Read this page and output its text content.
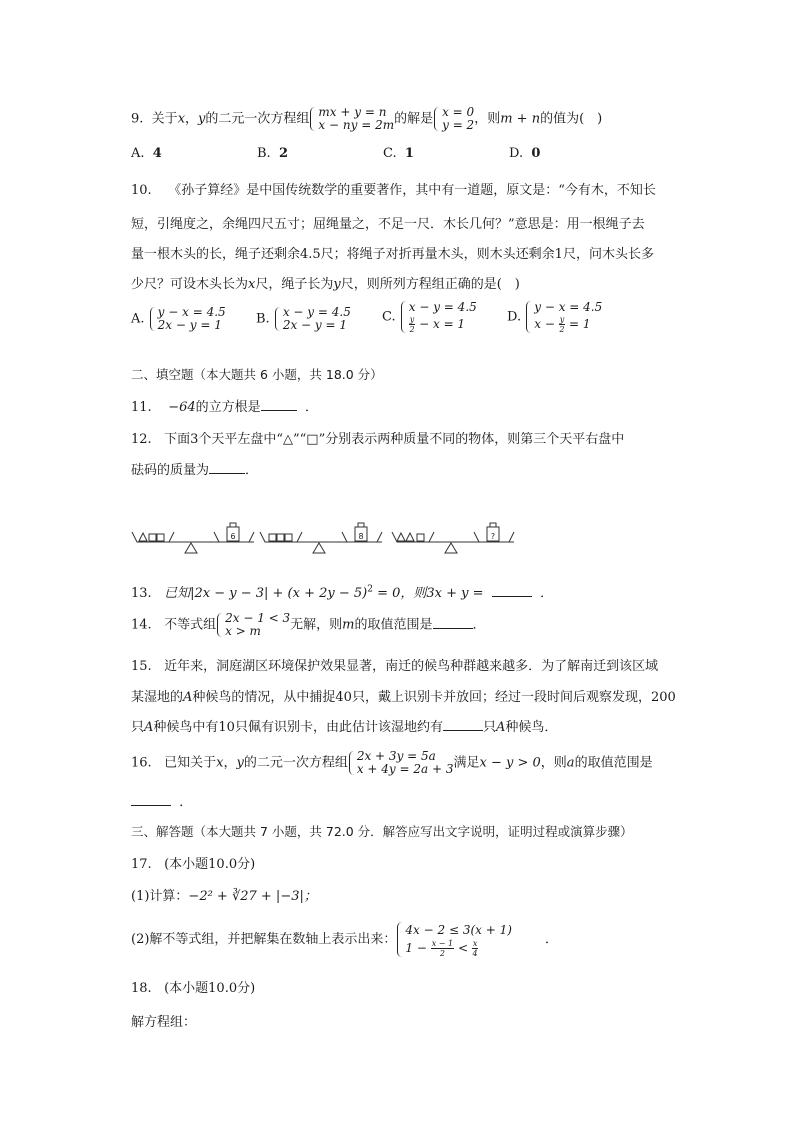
9. 关于x，y的二元一次方程组 mx + y = n
x − ny = 2m 的解是 x = 0
y = 2 ，则m + n的值为(　)
A. 4	B. 2	C. 1	D. 0
10. 《孙子算经》是中国传统数学的重要著作，其中有一道题，原文是：“今有木，不知长
短，引绳度之，余绳四尺五寸；屈绳量之，不足一尺．木长几何？”意思是：用一根绳子去
量一根木头的长，绳子还剩余4.5尺；将绳子对折再量木头，则木头还剩余1尺，问木头长多
少尺？可设木头长为x尺，绳子长为y尺，则所列方程组正确的是(　)
A. y − x = 4.5
2x − y = 1	B. x − y = 4.5
2x − y = 1
C.
x − y = 4.5
$\frac{y}{2} - x = 1$	D.
y − x = 4.5
$x - \frac{y}{2} = 1$
二、填空题（本大题共 6 小题，共 18.0 分）
11. −64的立方根是	．
12. 下面3个天平左盘中“△”“□”分别表示两种质量不同的物体，则第三个天平右盘中
砝码的质量为	．
6	8	?
13. 已知$|2x - y - 3| + (x + 2y - 5)^2 = 0$，则3x + y =	．
14. 不等式组 2x − 1 < 3
x > m	无解，则m的取值范围是	．
15. 近年来，洞庭湖区环境保护效果显著，南迁的候鸟种群越来越多．为了解南迁到该区域
某湿地的A种候鸟的情况，从中捕捉40只，戴上识别卡并放回；经过一段时间后观察发现，200
只A种候鸟中有10只佩有识别卡，由此估计该湿地约有	只A种候鸟．
16. 已知关于x，y的二元一次方程组 2x + 3y = 5a
x + 4y = 2a + 3 满足x − y > 0，则a的取值范围是
．
三、解答题（本大题共 7 小题，共 72.0 分．解答应写出文字说明，证明过程或演算步骤）
17. (本小题10.0分)
(1)计算：−2² + ∛27 + |−3|；
(2)解不等式组，并把解集在数轴上表示出来：
4x − 2 ≤ 3(x + 1)
$1 - \frac{x - 1}{2} < \frac{x}{4}$	．
18. (本小题10.0分)
解方程组：
